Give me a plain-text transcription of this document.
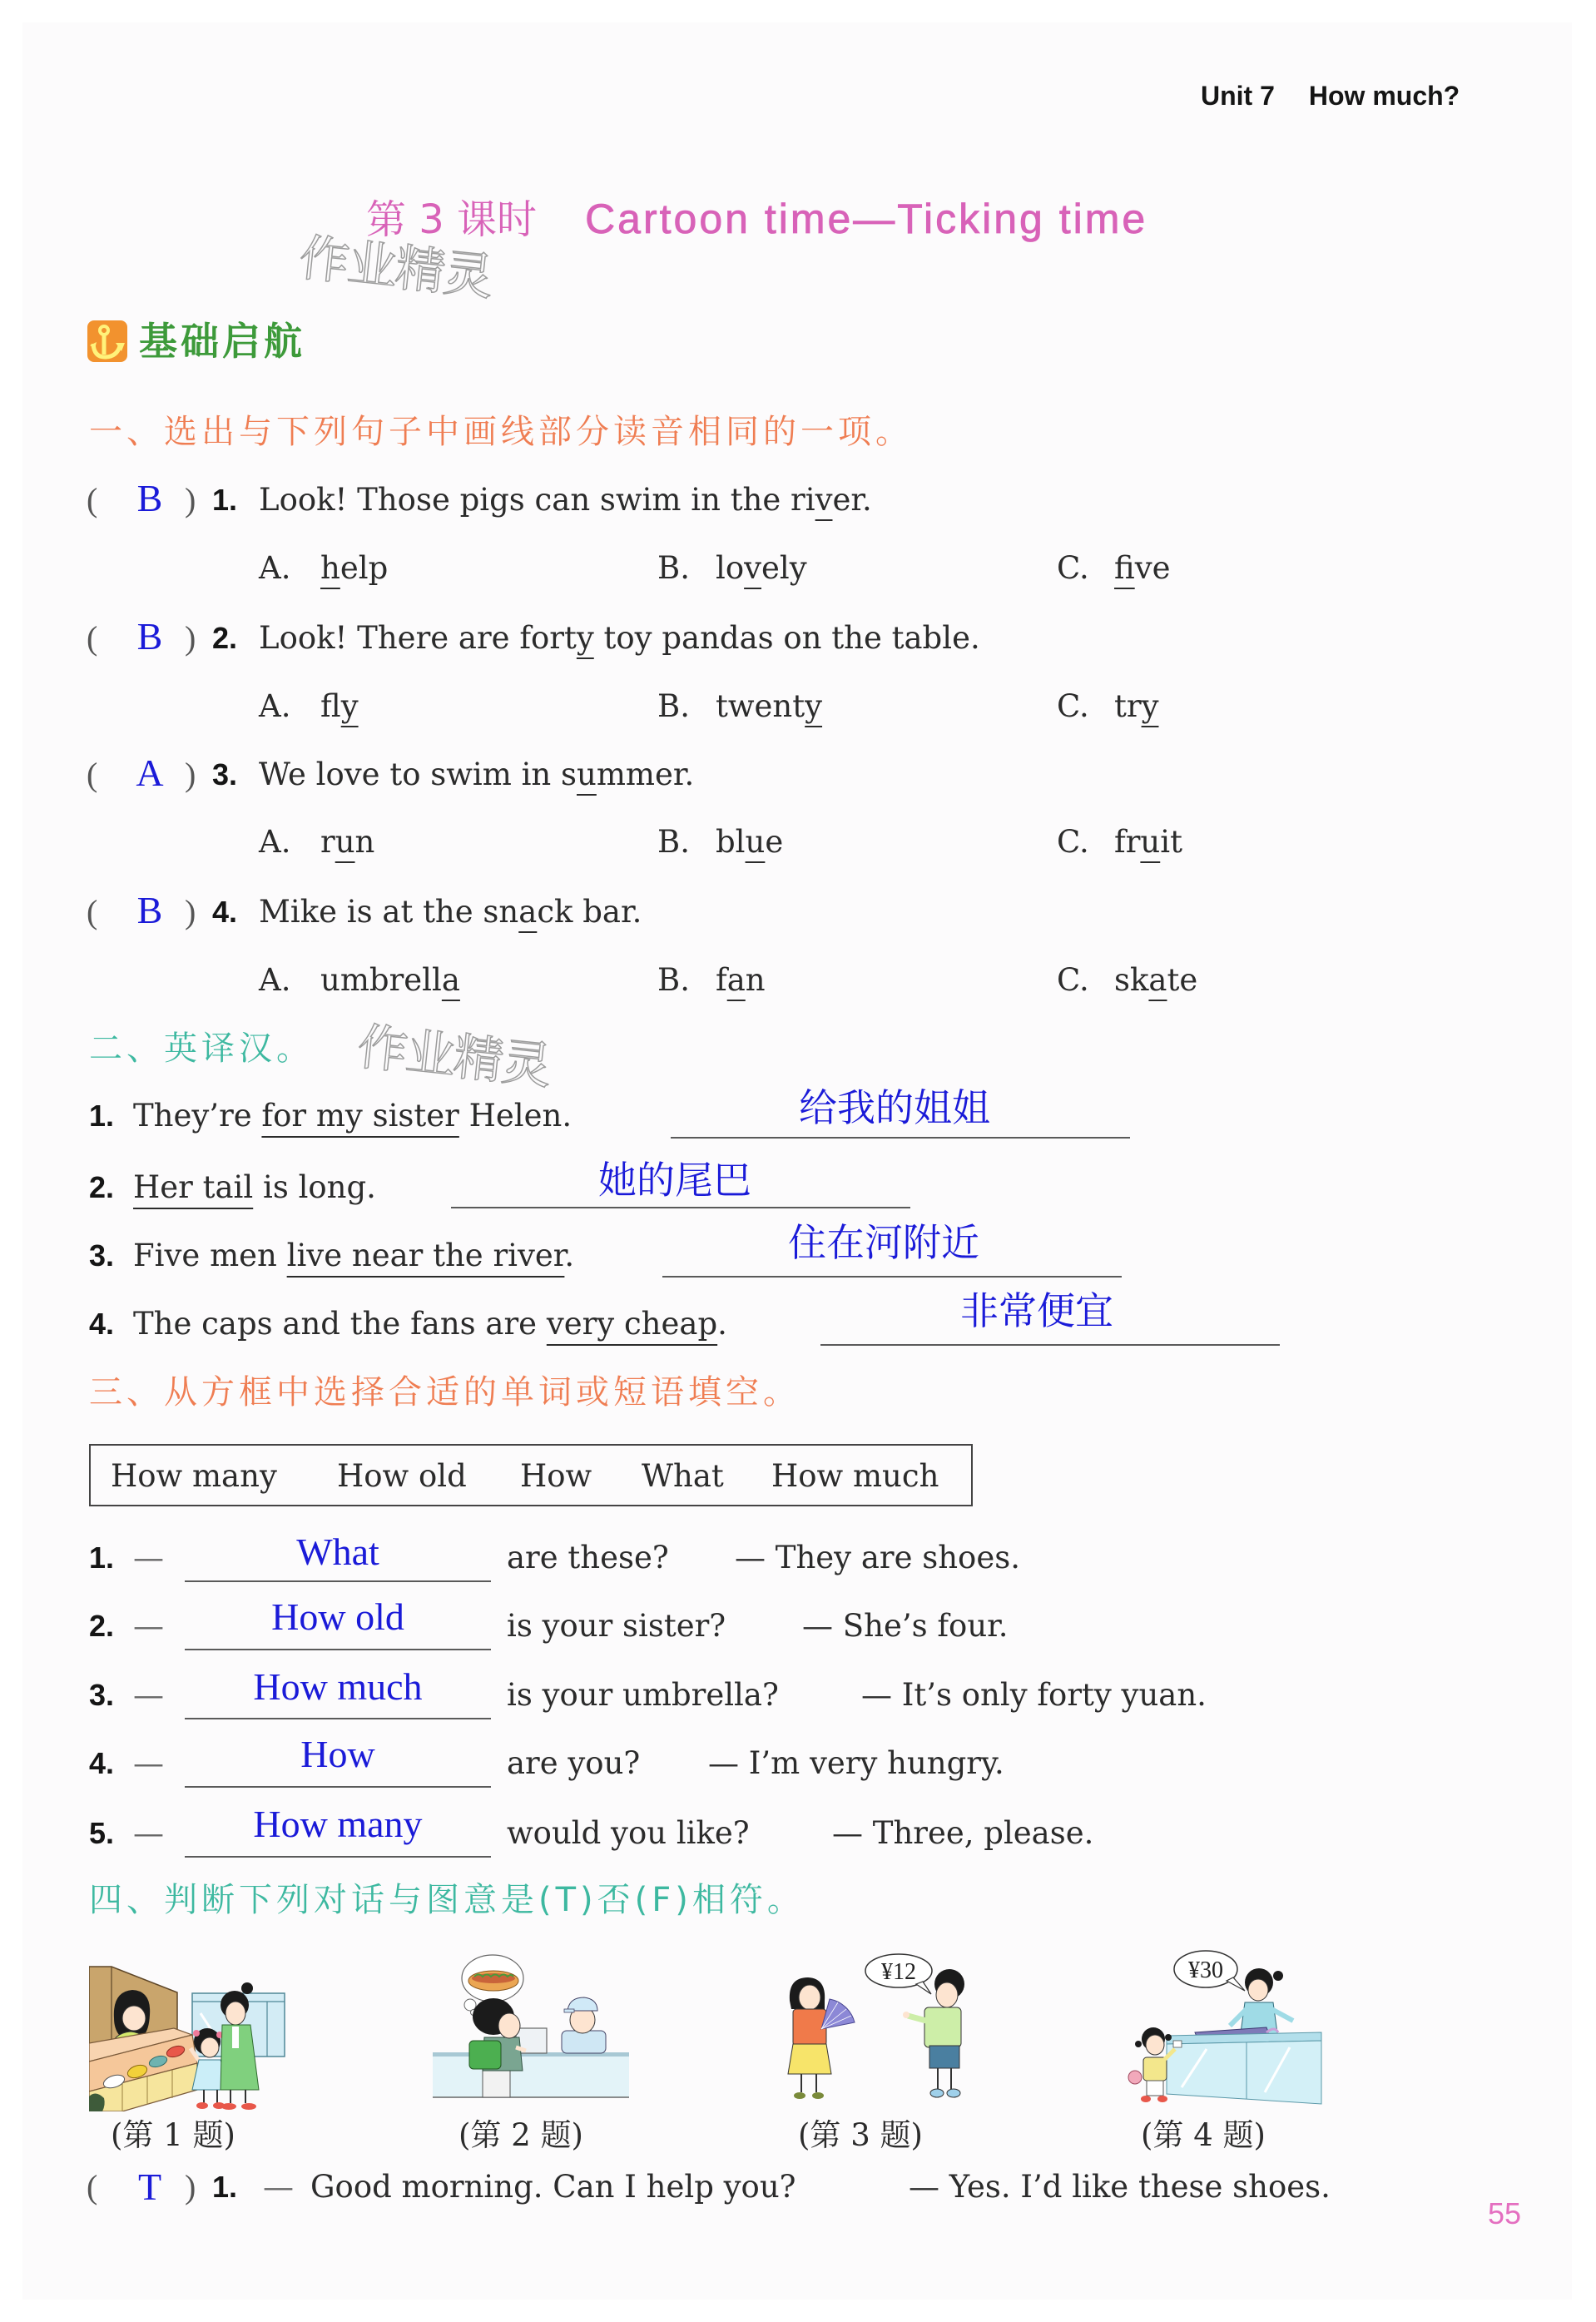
Unit 7 How much?
第 3 课时 Cartoon time—Ticking time
作业精灵
作业精灵
基础启航
一、选出与下列句子中画线部分读音相同的一项。
( B ) 1. Look! Those pigs can swim in the river.
A. help	B. lovely	C. five
( B ) 2. Look! There are forty toy pandas on the table.
A. fly	B. twenty	C. try
( A ) 3. We love to swim in summer.
A. run	B. blue	C. fruit
( B ) 4. Mike is at the snack bar.
A. umbrella	B. fan	C. skate
二、英译汉。
1. They’re for my sister Helen.	给我的姐姐
2. Her tail is long.	她的尾巴
3. Five men live near the river.	住在河附近
4. The caps and the fans are very cheap.	非常便宜
三、从方框中选择合适的单词或短语填空。
How many How old How What How much
1. —	What	are these? — They are shoes.
2. —	How old	is your sister? — She’s four.
3. —	How much	is your umbrella?	— It’s only forty yuan.
4. —	How	are you? — I’m very hungry.
5. —	How many	would you like?	— Three, please.
四、判断下列对话与图意是(T)否(F)相符。
¥12	¥30
(第 1 题)	(第 2 题)	(第 3 题)	(第 4 题)
( T ) 1. — Good morning. Can I help you?	— Yes. I’d like these shoes.
55
